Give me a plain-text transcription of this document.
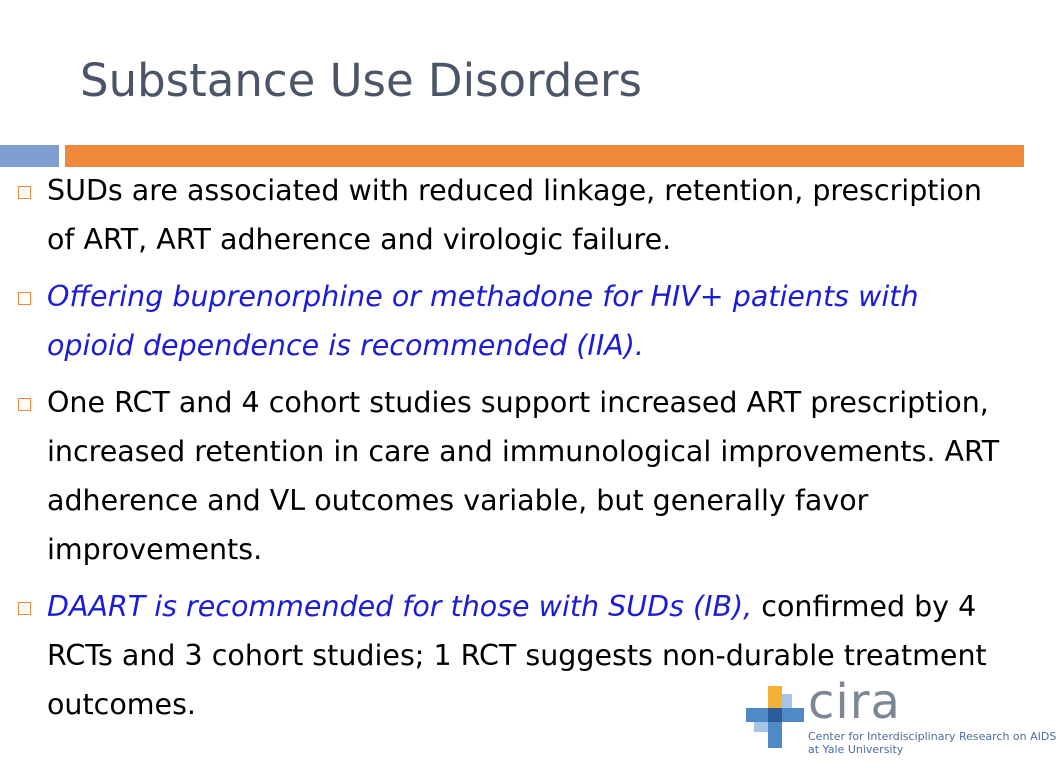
Substance Use Disorders
SUDs are associated with reduced linkage, retention, prescription of ART, ART adherence and virologic failure.
Offering buprenorphine or methadone for HIV+ patients with opioid dependence is recommended (IIA).
One RCT and 4 cohort studies support increased ART prescription, increased retention in care and immunological improvements. ART adherence and VL outcomes variable, but generally favor improvements.
DAART is recommended for those with SUDs (IB), confirmed by 4 RCTs and 3 cohort studies; 1 RCT suggests non-durable treatment outcomes.	cira
Center for Interdisciplinary Research on AIDS
at Yale University
